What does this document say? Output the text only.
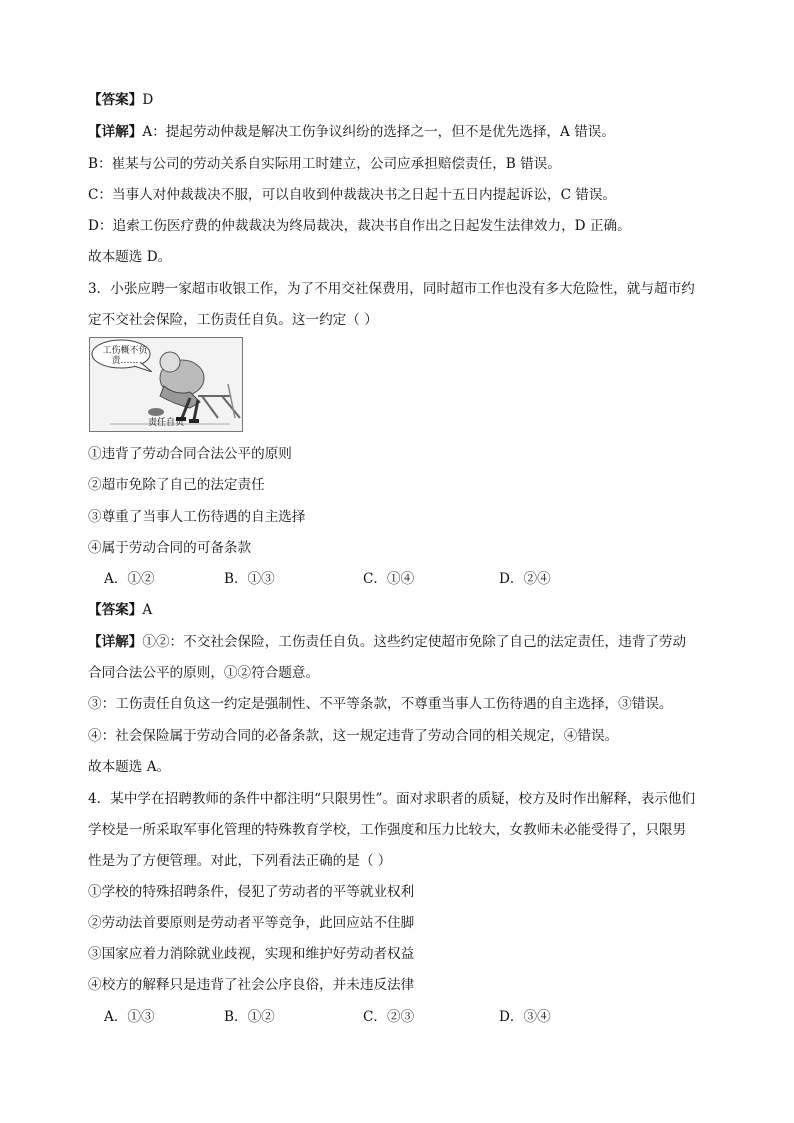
【答案】D
【详解】A：提起劳动仲裁是解决工伤争议纠纷的选择之一，但不是优先选择，A 错误。
B：崔某与公司的劳动关系自实际用工时建立，公司应承担赔偿责任，B 错误。
C：当事人对仲裁裁决不服，可以自收到仲裁裁决书之日起十五日内提起诉讼，C 错误。
D：追索工伤医疗费的仲裁裁决为终局裁决，裁决书自作出之日起发生法律效力，D 正确。
故本题选 D。
3．小张应聘一家超市收银工作，为了不用交社保费用，同时超市工作也没有多大危险性，就与超市约
定不交社会保险，工伤责任自负。这一约定（ ）
工伤概不负责……
责任自负
①违背了劳动合同合法公平的原则
②超市免除了自己的法定责任
③尊重了当事人工伤待遇的自主选择
④属于劳动合同的可备条款
A．①②	B．①③	C．①④	D．②④
【答案】A
【详解】①②：不交社会保险，工伤责任自负。这些约定使超市免除了自己的法定责任，违背了劳动
合同合法公平的原则，①②符合题意。
③：工伤责任自负这一约定是强制性、不平等条款，不尊重当事人工伤待遇的自主选择，③错误。
④：社会保险属于劳动合同的必备条款，这一规定违背了劳动合同的相关规定，④错误。
故本题选 A。
4．某中学在招聘教师的条件中都注明“只限男性”。面对求职者的质疑，校方及时作出解释，表示他们
学校是一所采取军事化管理的特殊教育学校，工作强度和压力比较大，女教师未必能受得了，只限男
性是为了方便管理。对此，下列看法正确的是（ ）
①学校的特殊招聘条件，侵犯了劳动者的平等就业权利
②劳动法首要原则是劳动者平等竞争，此回应站不住脚
③国家应着力消除就业歧视，实现和维护好劳动者权益
④校方的解释只是违背了社会公序良俗，并未违反法律
A．①③	B．①②	C．②③	D．③④
